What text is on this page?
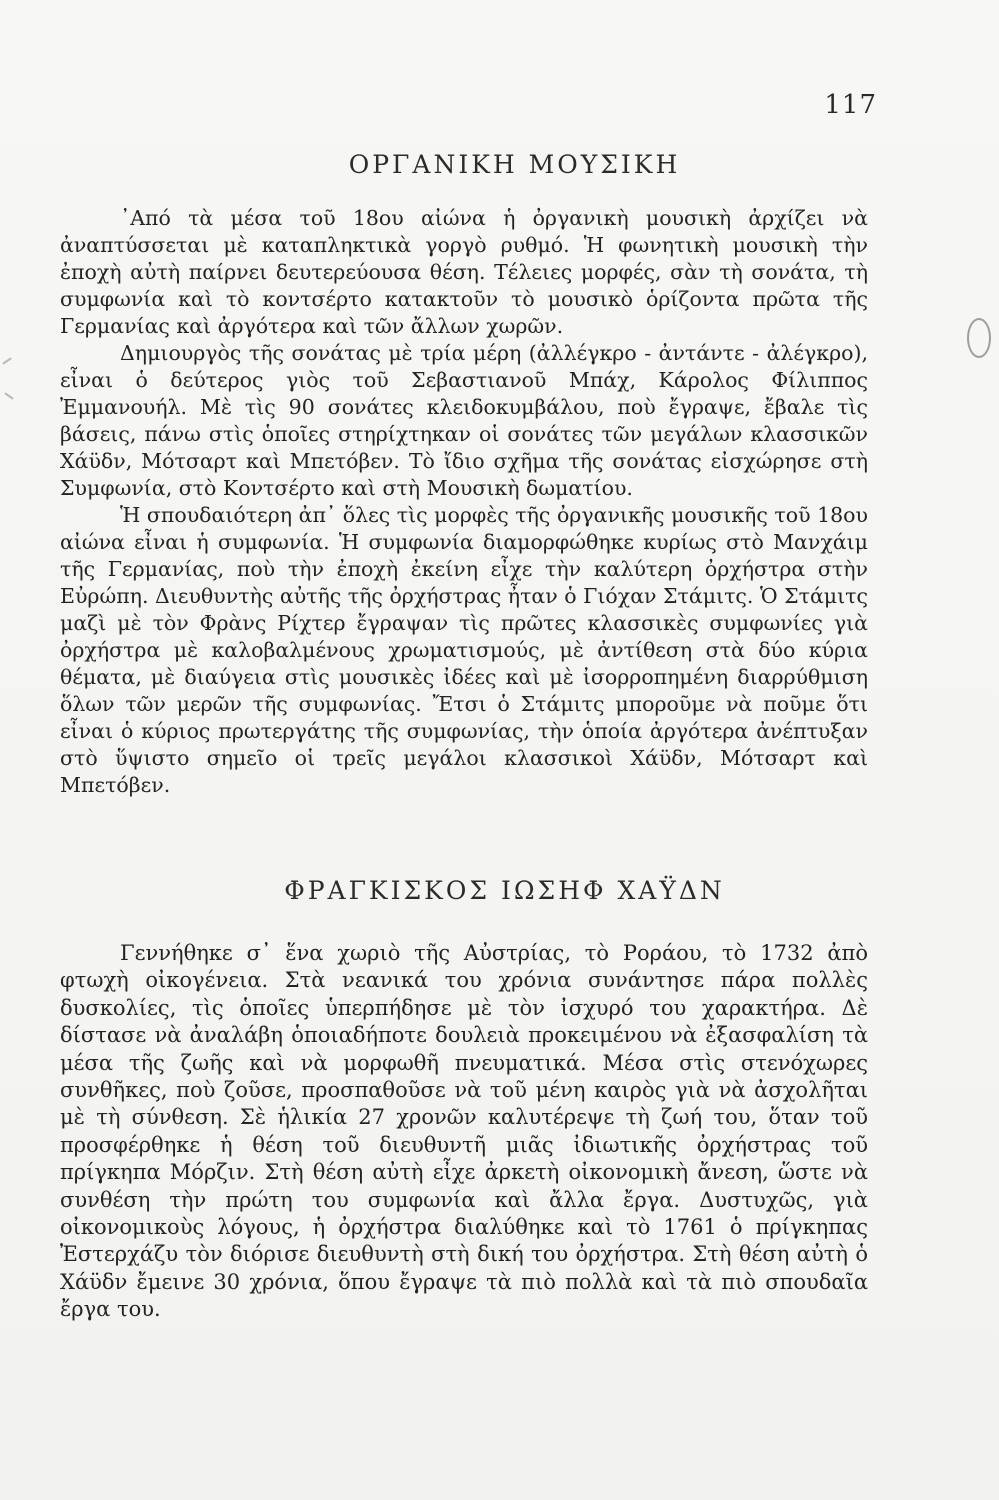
117
ΟΡΓΑΝΙΚΗ ΜΟΥΣΙΚΗ

᾿Από τὰ μέσα τοῦ 18ου αἰώνα ἡ ὀργανικὴ μουσικὴ ἀρχίζει νὰ ἀναπτύσσεται μὲ καταπληκτικὰ γοργὸ ρυθμό. Ἡ φωνητικὴ μουσικὴ τὴν ἐποχὴ αὐτὴ παίρνει δευτερεύουσα θέση. Τέλειες μορφές, σὰν τὴ σονάτα, τὴ συμφωνία καὶ τὸ κοντσέρτο κατακτοῦν τὸ μουσικὸ ὁρίζοντα πρῶτα τῆς Γερμανίας καὶ ἀργότερα καὶ τῶν ἄλλων χωρῶν.

Δημιουργὸς τῆς σονάτας μὲ τρία μέρη (ἀλλέγκρο - ἀντάντε - ἀλέγκρο), εἶναι ὁ δεύτερος γιὸς τοῦ Σεβαστιανοῦ Μπάχ, Κάρολος Φίλιππος Ἐμμανουήλ. Μὲ τὶς 90 σονάτες κλειδοκυμβάλου, ποὺ ἔγραψε, ἔβαλε τὶς βάσεις, πάνω στὶς ὁποῖες στηρίχτηκαν οἱ σονάτες τῶν μεγάλων κλασσικῶν Χάϋδν, Μότσαρτ καὶ Μπετόβεν. Τὸ ἴδιο σχῆμα τῆς σονάτας εἰσχώρησε στὴ Συμφωνία, στὸ Κοντσέρτο καὶ στὴ Μουσικὴ δωματίου.

Ἡ σπουδαιότερη ἀπ᾿ ὅλες τὶς μορφὲς τῆς ὀργανικῆς μουσικῆς τοῦ 18ου αἰώνα εἶναι ἡ συμφωνία. Ἡ συμφωνία διαμορφώθηκε κυρίως στὸ Μανχάιμ τῆς Γερμανίας, ποὺ τὴν ἐποχὴ ἐκείνη εἶχε τὴν καλύτερη ὀρχήστρα στὴν Εὐρώπη. Διευθυντὴς αὐτῆς τῆς ὀρχήστρας ἦταν ὁ Γιόχαν Στάμιτς. Ὁ Στάμιτς μαζὶ μὲ τὸν Φρὰνς Ρίχτερ ἔγραψαν τὶς πρῶτες κλασσικὲς συμφωνίες γιὰ ὀρχήστρα μὲ καλοβαλμένους χρωματισμούς, μὲ ἀντίθεση στὰ δύο κύρια θέματα, μὲ διαύγεια στὶς μουσικὲς ἰδέες καὶ μὲ ἰσορροπημένη διαρρύθμιση ὅλων τῶν μερῶν τῆς συμφωνίας. Ἔτσι ὁ Στάμιτς μποροῦμε νὰ ποῦμε ὅτι εἶναι ὁ κύριος πρωτεργάτης τῆς συμφωνίας, τὴν ὁποία ἀργότερα ἀνέπτυξαν στὸ ὕψιστο σημεῖο οἱ τρεῖς μεγάλοι κλασσικοὶ Χάϋδν, Μότσαρτ καὶ Μπετόβεν.

ΦΡΑΓΚΙΣΚΟΣ ΙΩΣΗΦ ΧΑΫΔΝ

Γεννήθηκε σ᾿ ἕνα χωριὸ τῆς Αὐστρίας, τὸ Ροράου, τὸ 1732 ἀπὸ φτωχὴ οἰκογένεια. Στὰ νεανικά του χρόνια συνάντησε πάρα πολλὲς δυσκολίες, τὶς ὁποῖες ὑπερπήδησε μὲ τὸν ἰσχυρό του χαρακτήρα. Δὲ δίστασε νὰ ἀναλάβη ὁποιαδήποτε δουλειὰ προκειμένου νὰ ἐξασφαλίση τὰ μέσα τῆς ζωῆς καὶ νὰ μορφωθῆ πνευματικά. Μέσα στὶς στενόχωρες συνθῆκες, ποὺ ζοῦσε, προσπαθοῦσε νὰ τοῦ μένη καιρὸς γιὰ νὰ ἀσχολῆται μὲ τὴ σύνθεση. Σὲ ἡλικία 27 χρονῶν καλυτέρεψε τὴ ζωή του, ὅταν τοῦ προσφέρθηκε ἡ θέση τοῦ διευθυντῆ μιᾶς ἰδιωτικῆς ὀρχήστρας τοῦ πρίγκηπα Μόρζιν. Στὴ θέση αὐτὴ εἶχε ἀρκετὴ οἰκονομικὴ ἄνεση, ὥστε νὰ συνθέση τὴν πρώτη του συμφωνία καὶ ἄλλα ἔργα. Δυστυχῶς, γιὰ οἰκονομικοὺς λόγους, ἡ ὀρχήστρα διαλύθηκε καὶ τὸ 1761 ὁ πρίγκηπας Ἐστερχάζυ τὸν διόρισε διευθυντὴ στὴ δική του ὀρχήστρα. Στὴ θέση αὐτὴ ὁ Χάϋδν ἔμεινε 30 χρόνια, ὅπου ἔγραψε τὰ πιὸ πολλὰ καὶ τὰ πιὸ σπουδαῖα ἔργα του.
